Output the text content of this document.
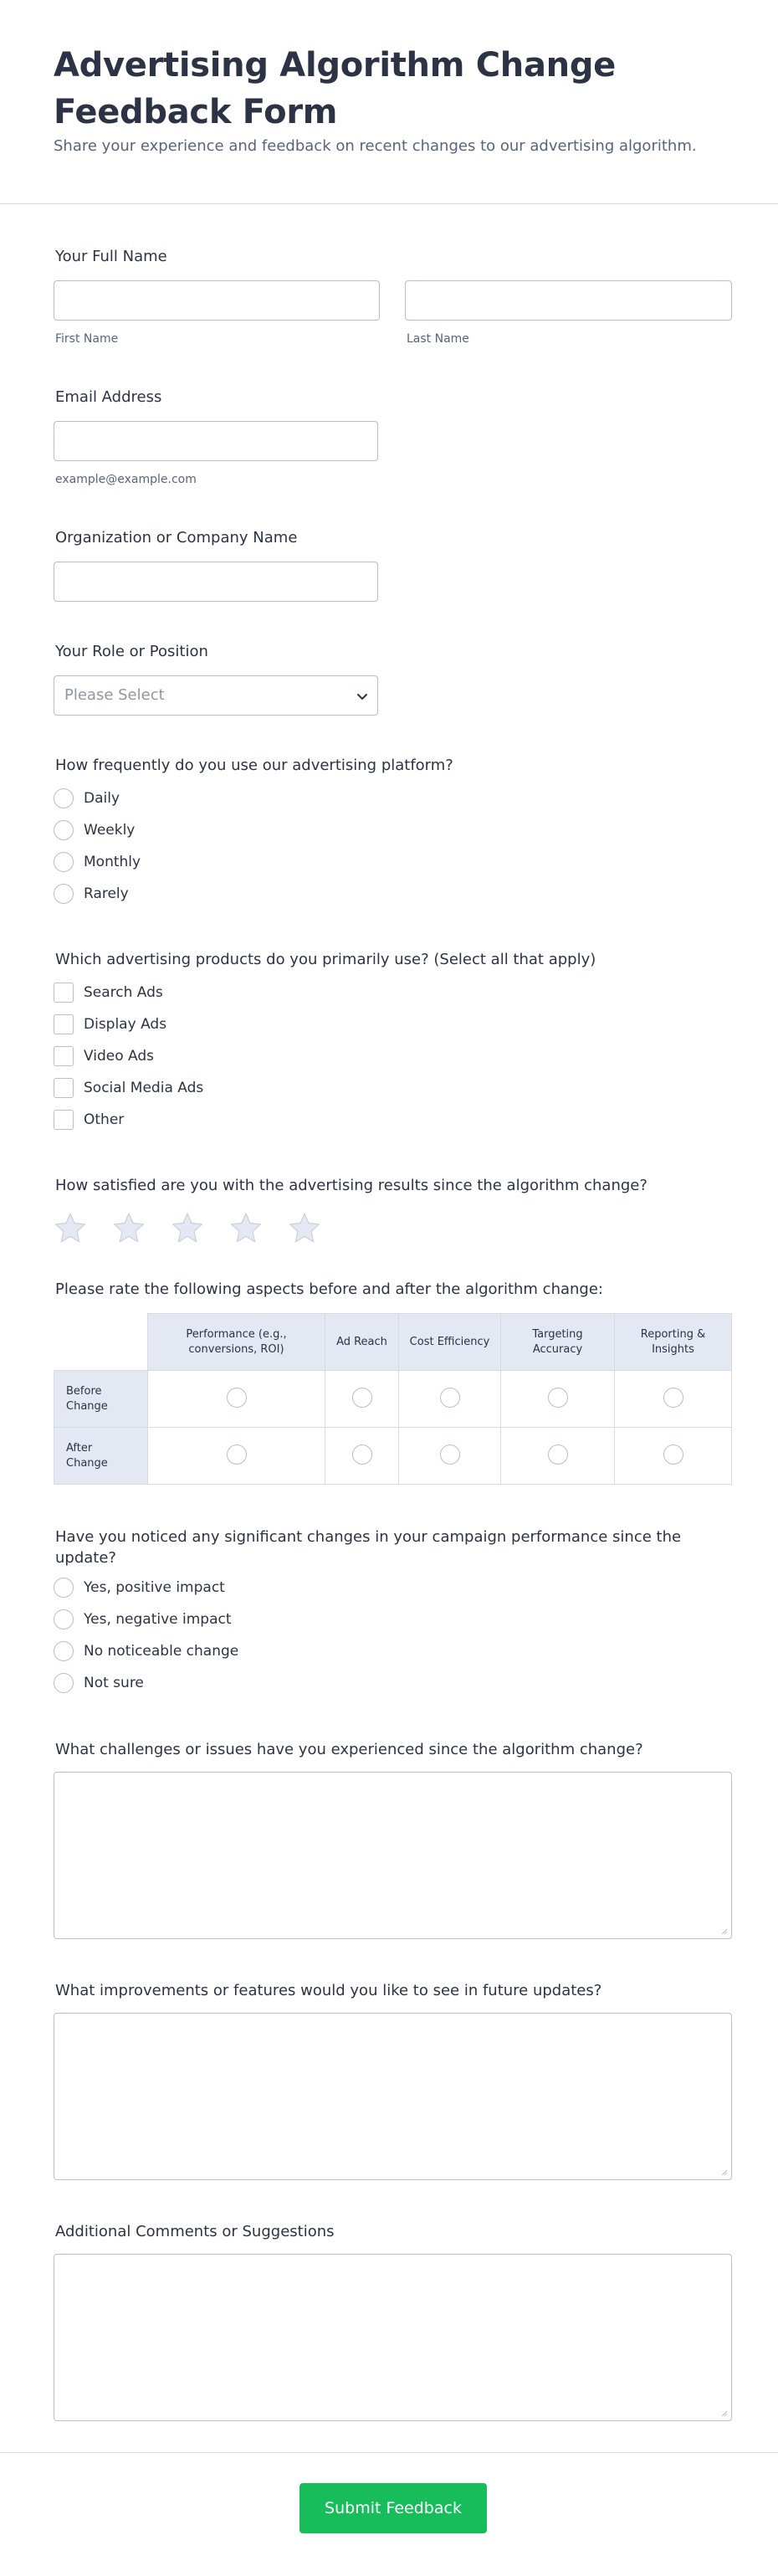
Advertising Algorithm Change Feedback Form
Share your experience and feedback on recent changes to our advertising algorithm.
Your Full Name
First Name	Last Name
Email Address
example@example.com
Organization or Company Name
Your Role or Position
Please Select
How frequently do you use our advertising platform?
Daily
Weekly
Monthly
Rarely
Which advertising products do you primarily use? (Select all that apply)
Search Ads
Display Ads
Video Ads
Social Media Ads
Other
How satisfied are you with the advertising results since the algorithm change?
Please rate the following aspects before and after the algorithm change:
	Performance (e.g., conversions, ROI)	Ad Reach	Cost Efficiency	Targeting Accuracy	Reporting & Insights
Before Change					
After Change					
Have you noticed any significant changes in your campaign performance since the update?
Yes, positive impact
Yes, negative impact
No noticeable change
Not sure
What challenges or issues have you experienced since the algorithm change?
What improvements or features would you like to see in future updates?
Additional Comments or Suggestions
Submit Feedback
